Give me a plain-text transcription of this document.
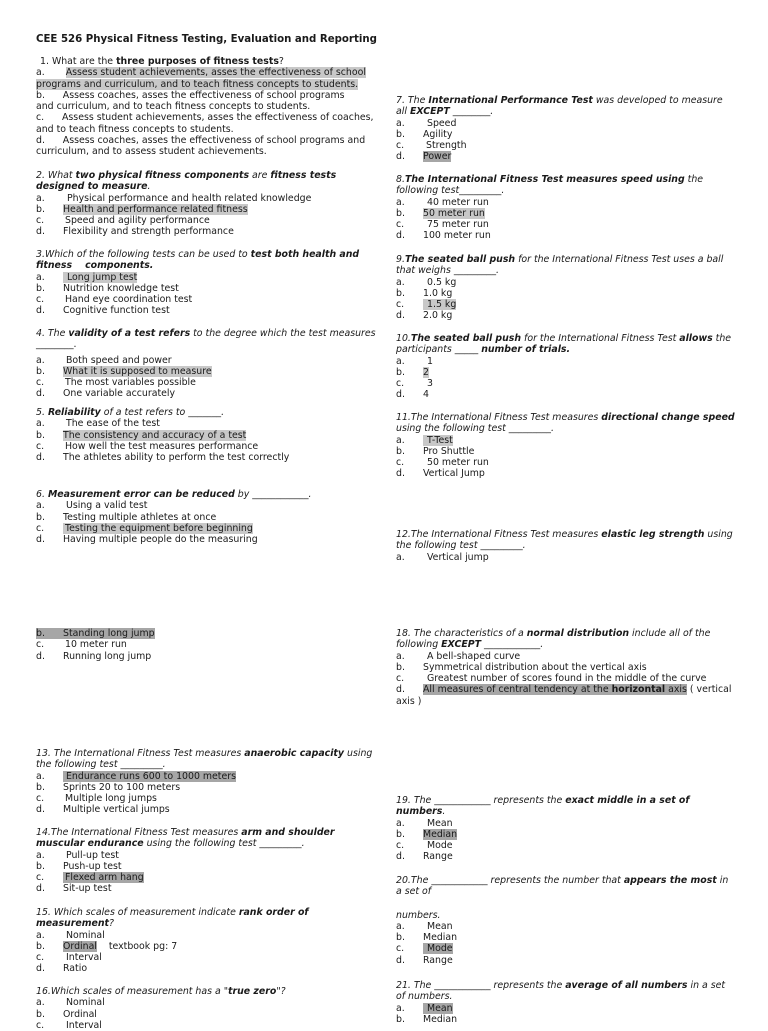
CEE 526 Physical Fitness Testing, Evaluation and Reporting

1. What are the three purposes of fitness tests?

a. Assess student achievements, asses the effectiveness of school

programs and curriculum, and to teach fitness concepts to students.

b.      Assess coaches, asses the effectiveness of school programs

and curriculum, and to teach fitness concepts to students.

c.      Assess student achievements, asses the effectiveness of coaches,

and to teach fitness concepts to students.

d.      Assess coaches, asses the effectiveness of school programs and

curriculum, and to assess student achievements.

2. What two physical fitness components are fitness tests

designed to measure.

a. Physical performance and health related knowledge
b. Health and performance related fitness
c. Speed and agility performance
d. Flexibility and strength performance

3.Which of the following tests can be used to test both health and

fitness    components.

a. Long jump test
b. Nutrition knowledge test
c. Hand eye coordination test
d. Cognitive function test

4. The validity of a test refers to the degree which the test measures

________.

a. Both speed and power
b. What it is supposed to measure
c. The most variables possible
d. One variable accurately

5. Reliability of a test refers to _______.

a. The ease of the test
b. The consistency and accuracy of a test
c. How well the test measures performance
d. The athletes ability to perform the test correctly

6. Measurement error can be reduced by ____________.

a. Using a valid test
b. Testing multiple athletes at once
c. Testing the equipment before beginning
d. Having multiple people do the measuring
b.	Standing long jump
c. 10 meter run
d. Running long jump

13. The International Fitness Test measures anaerobic capacity using

the following test _________.

a. Endurance runs 600 to 1000 meters
b. Sprints 20 to 100 meters
c. Multiple long jumps
d. Multiple vertical jumps

14.The International Fitness Test measures arm and shoulder

muscular endurance using the following test _________.

a. Pull-up test
b. Push-up test
c. Flexed arm hang
d. Sit-up test

15. Which scales of measurement indicate rank order of

measurement?

a. Nominal
b. Ordinal    textbook pg: 7
c. Interval
d. Ratio

16.Which scales of measurement has a "true zero"?

a. Nominal
b. Ordinal
c. Interval

7. The International Performance Test was developed to measure

all EXCEPT ________.

a. Speed
b. Agility
c. Strength
d. Power

8.The International Fitness Test measures speed using the

following test_________.

a. 40 meter run
b. 50 meter run
c. 75 meter run
d. 100 meter run

9.The seated ball push for the International Fitness Test uses a ball

that weighs _________.

a. 0.5 kg
b. 1.0 kg
c. 1.5 kg
d. 2.0 kg

10.The seated ball push for the International Fitness Test allows the

participants _____ number of trials.

a. 1
b. 2
c. 3
d. 4

11.The International Fitness Test measures directional change speed

using the following test _________.

a. T-Test
b. Pro Shuttle
c. 50 meter run
d. Vertical Jump

12.The International Fitness Test measures elastic leg strength using

the following test _________.

a. Vertical jump

18. The characteristics of a normal distribution include all of the

following EXCEPT ____________.

a. A bell-shaped curve
b. Symmetrical distribution about the vertical axis
c. Greatest number of scores found in the middle of the curve
d. All measures of central tendency at the horizontal axis ( vertical

axis )

19. The ____________ represents the exact middle in a set of

numbers.

a. Mean
b. Median
c. Mode
d. Range

20.The ____________ represents the number that appears the most in

a set of

numbers.

a. Mean
b. Median
c. Mode
d. Range

21. The ____________ represents the average of all numbers in a set

of numbers.

a. Mean
b. Median
